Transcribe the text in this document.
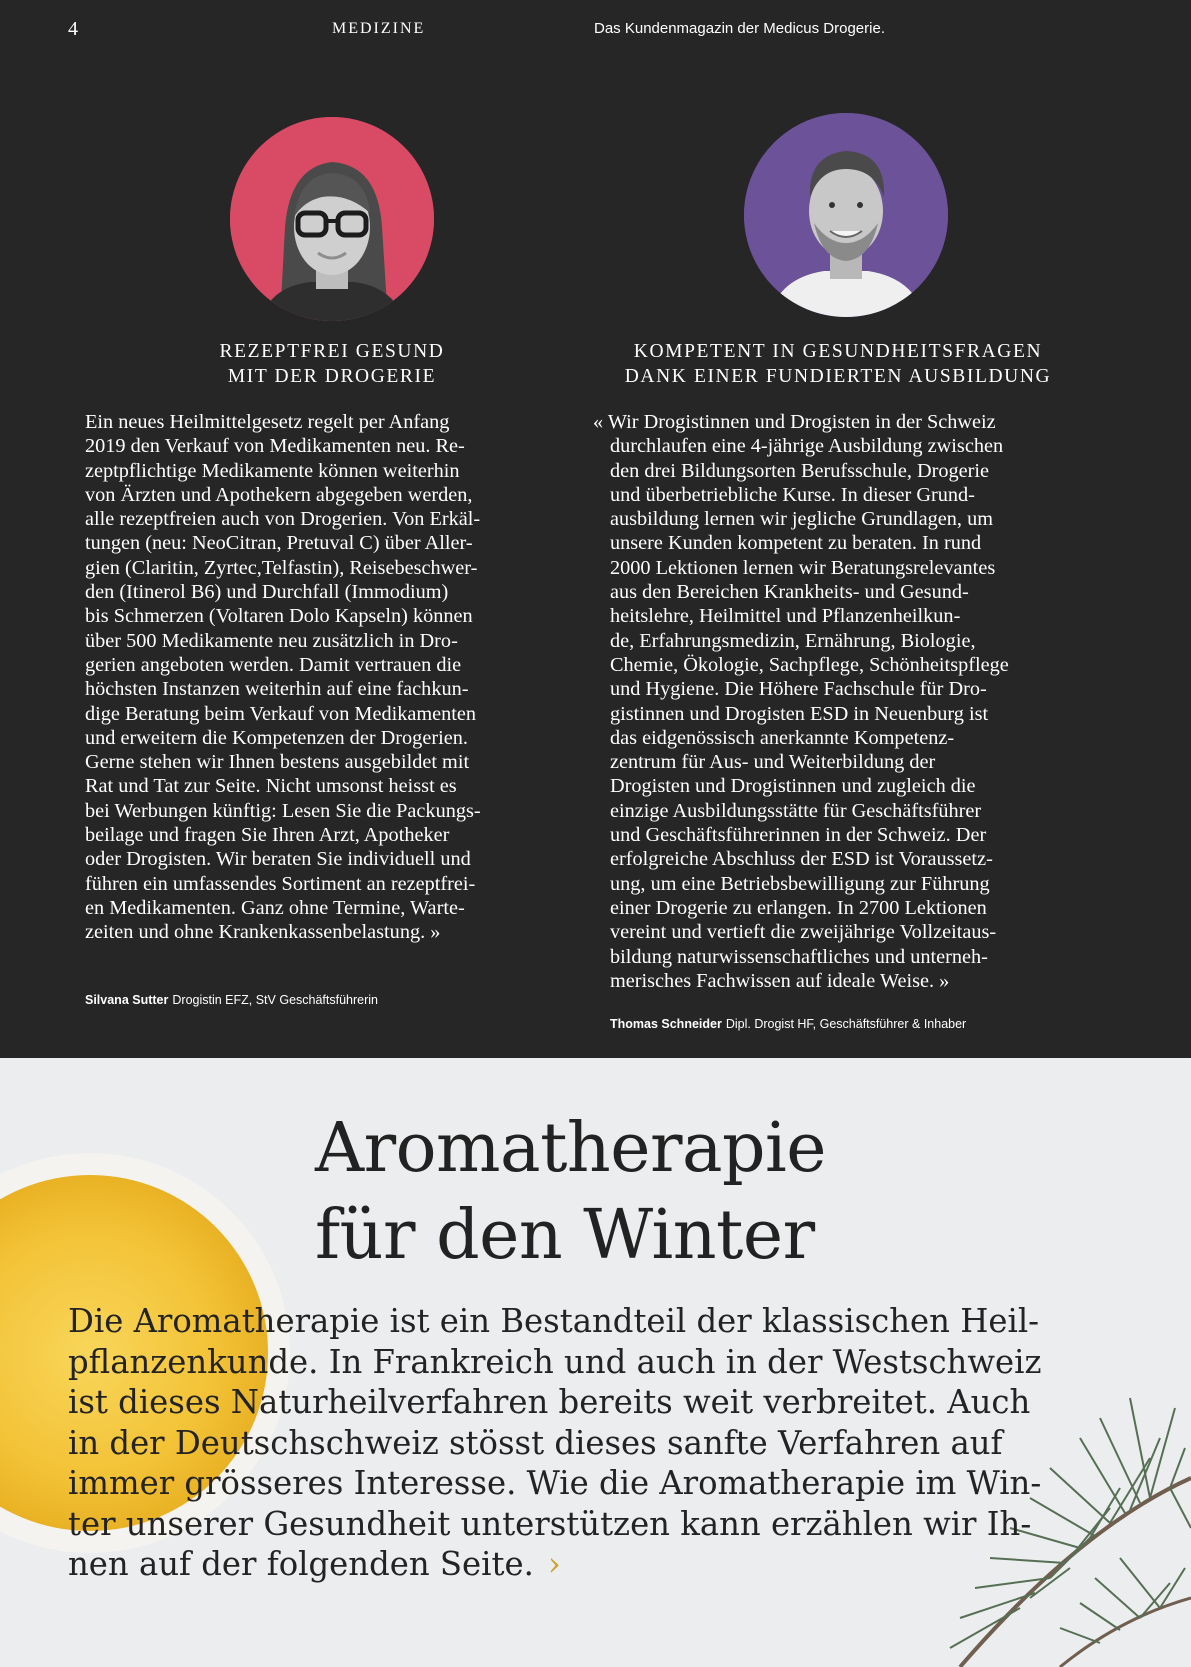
4	MEDIZINE	Das Kundenmagazin der Medicus Drogerie.
REZEPTFREI GESUND
MIT DER DROGERIE
Ein neues Heilmittelgesetz regelt per Anfang
2019 den Verkauf von Medikamenten neu. Re-
zeptpflichtige Medikamente können weiterhin
von Ärzten und Apothekern abgegeben werden,
alle rezeptfreien auch von Drogerien. Von Erkäl-
tungen (neu: NeoCitran, Pretuval C) über Aller-
gien (Claritin, Zyrtec,Telfastin), Reisebeschwer-
den (Itinerol B6) und Durchfall (Immodium)
bis Schmerzen (Voltaren Dolo Kapseln) können
über 500 Medikamente neu zusätzlich in Dro-
gerien angeboten werden. Damit vertrauen die
höchsten Instanzen weiterhin auf eine fachkun-
dige Beratung beim Verkauf von Medikamenten
und erweitern die Kompetenzen der Drogerien.
Gerne stehen wir Ihnen bestens ausgebildet mit
Rat und Tat zur Seite. Nicht umsonst heisst es
bei Werbungen künftig: Lesen Sie die Packungs-
beilage und fragen Sie Ihren Arzt, Apotheker
oder Drogisten. Wir beraten Sie individuell und
führen ein umfassendes Sortiment an rezeptfrei-
en Medikamenten. Ganz ohne Termine, Warte-
zeiten und ohne Krankenkassenbelastung. »
Silvana Sutter Drogistin EFZ, StV Geschäftsführerin
KOMPETENT IN GESUNDHEITSFRAGEN
DANK EINER FUNDIERTEN AUSBILDUNG
« Wir Drogistinnen und Drogisten in der Schweiz
durchlaufen eine 4-jährige Ausbildung zwischen
den drei Bildungsorten Berufsschule, Drogerie
und überbetriebliche Kurse. In dieser Grund-
ausbildung lernen wir jegliche Grundlagen, um
unsere Kunden kompetent zu beraten. In rund
2000 Lektionen lernen wir Beratungsrelevantes
aus den Bereichen Krankheits- und Gesund-
heitslehre, Heilmittel und Pflanzenheilkun-
de, Erfahrungsmedizin, Ernährung, Biologie,
Chemie, Ökologie, Sachpflege, Schönheitspflege
und Hygiene. Die Höhere Fachschule für Dro-
gistinnen und Drogisten ESD in Neuenburg ist
das eidgenössisch anerkannte Kompetenz-
zentrum für Aus- und Weiterbildung der
Drogisten und Drogistinnen und zugleich die
einzige Ausbildungsstätte für Geschäftsführer
und Geschäftsführerinnen in der Schweiz. Der
erfolgreiche Abschluss der ESD ist Voraussetz-
ung, um eine Betriebsbewilligung zur Führung
einer Drogerie zu erlangen. In 2700 Lektionen
vereint und vertieft die zweijährige Vollzeitaus-
bildung naturwissenschaftliches und unterneh-
merisches Fachwissen auf ideale Weise. »
Thomas Schneider Dipl. Drogist HF, Geschäftsführer & Inhaber
Aromatherapie
für den Winter
Die Aromatherapie ist ein Bestandteil der klassischen Heil-
pflanzenkunde. In Frankreich und auch in der Westschweiz
ist dieses Naturheilverfahren bereits weit verbreitet. Auch
in der Deutschschweiz stösst dieses sanfte Verfahren auf
immer grösseres Interesse. Wie die Aromatherapie im Win-
ter unserer Gesundheit unterstützen kann erzählen wir Ih-
nen auf der folgenden Seite. ›
